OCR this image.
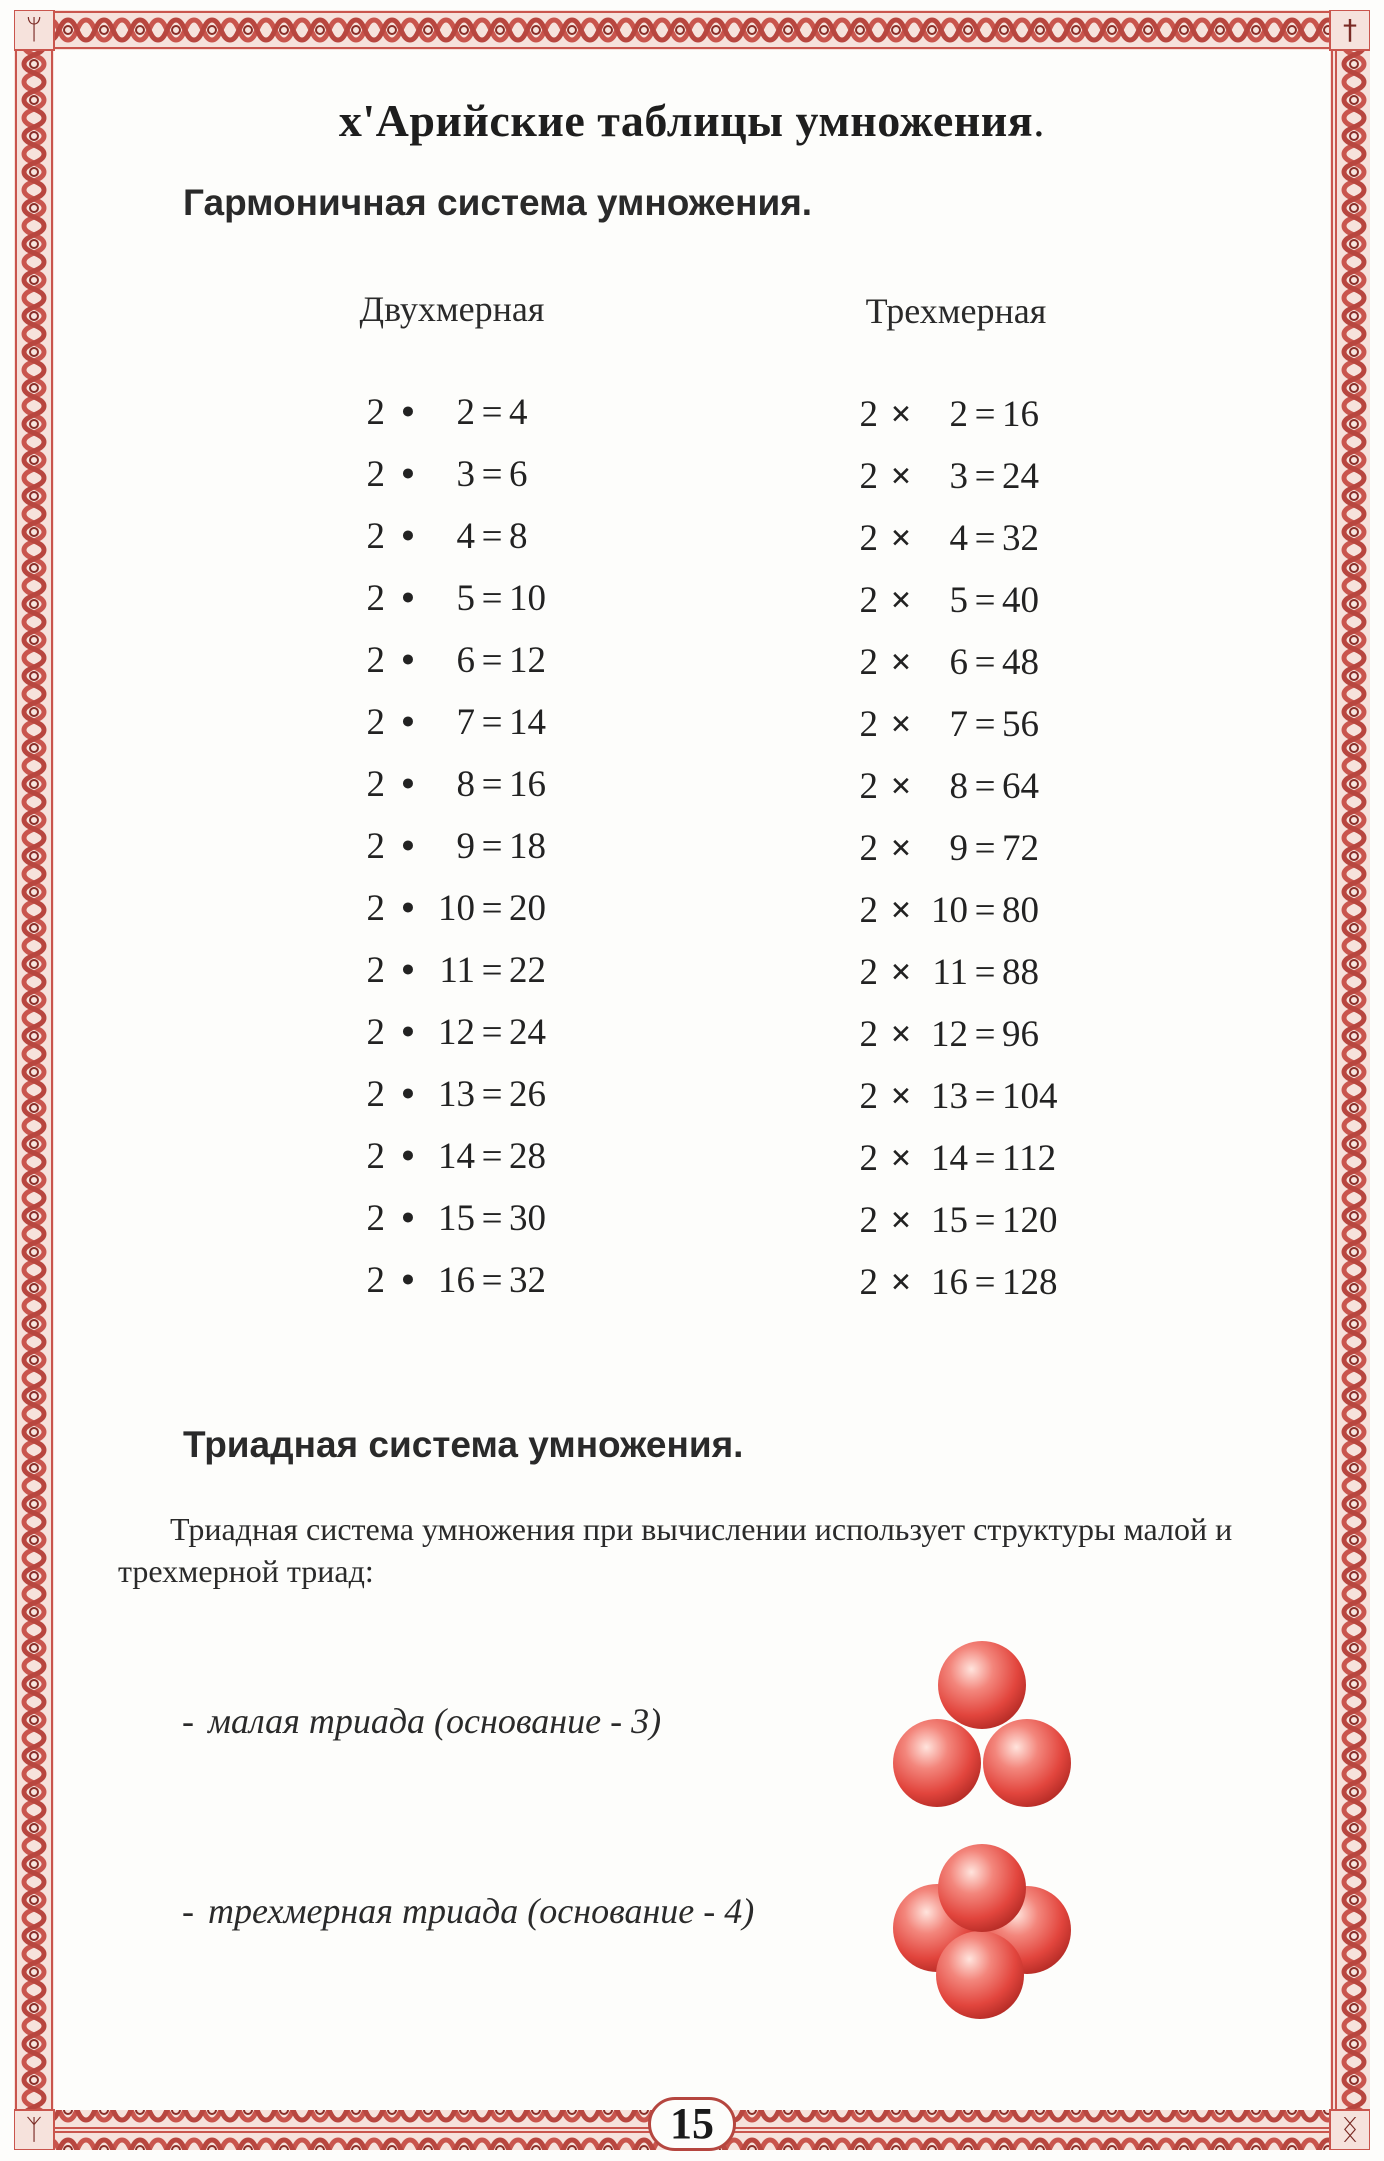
ᛘ	†
ᛉ	ᛝ
15
х'Арийские таблицы умножения.
Гармоничная система умножения.
Двухмерная	Трехмерная
2 • 2 = 4
2 • 3 = 6
2 • 4 = 8
2 • 5 = 10
2 • 6 = 12
2 • 7 = 14
2 • 8 = 16
2 • 9 = 18
2 • 10 = 20
2 • 11 = 22
2 • 12 = 24
2 • 13 = 26
2 • 14 = 28
2 • 15 = 30
2 • 16 = 32
2 × 2 = 16
2 × 3 = 24
2 × 4 = 32
2 × 5 = 40
2 × 6 = 48
2 × 7 = 56
2 × 8 = 64
2 × 9 = 72
2 × 10 = 80
2 × 11 = 88
2 × 12 = 96
2 × 13 = 104
2 × 14 = 112
2 × 15 = 120
2 × 16 = 128
Триадная система умножения.
Триадная система умножения при вычислении использует структуры малой и трехмерной триад:
- малая триада (основание - 3)
- трехмерная триада (основание - 4)
